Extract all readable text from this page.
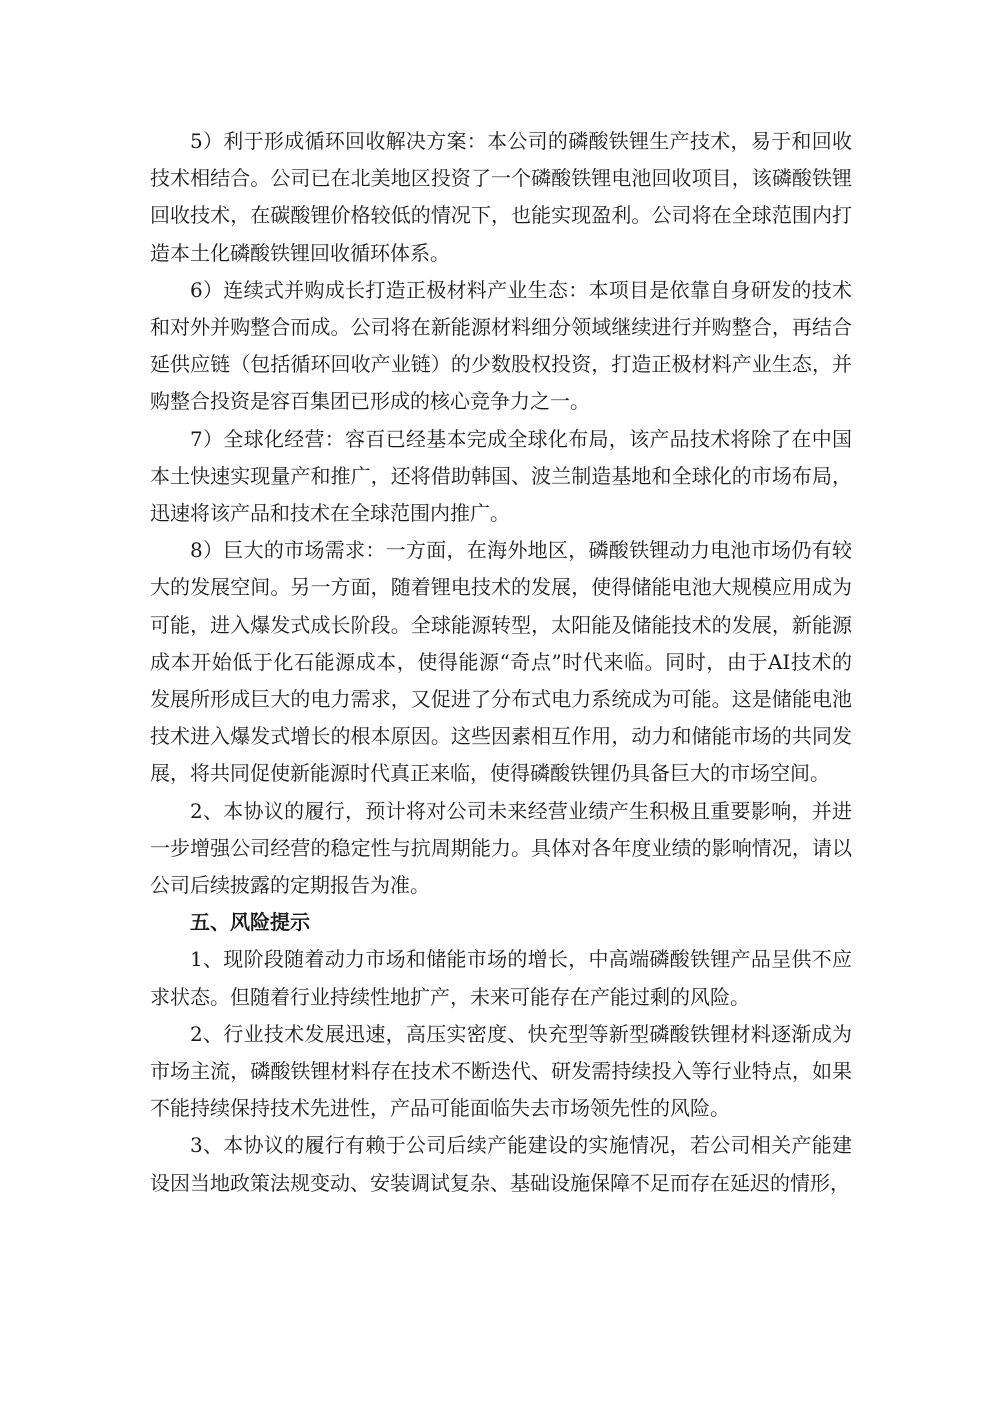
5）利于形成循环回收解决方案：本公司的磷酸铁锂生产技术，易于和回收技术相结合。公司已在北美地区投资了一个磷酸铁锂电池回收项目，该磷酸铁锂回收技术，在碳酸锂价格较低的情况下，也能实现盈利。公司将在全球范围内打造本土化磷酸铁锂回收循环体系。

6）连续式并购成长打造正极材料产业生态：本项目是依靠自身研发的技术和对外并购整合而成。公司将在新能源材料细分领域继续进行并购整合，再结合延供应链（包括循环回收产业链）的少数股权投资，打造正极材料产业生态，并购整合投资是容百集团已形成的核心竞争力之一。

7）全球化经营：容百已经基本完成全球化布局，该产品技术将除了在中国本土快速实现量产和推广，还将借助韩国、波兰制造基地和全球化的市场布局，迅速将该产品和技术在全球范围内推广。

8）巨大的市场需求：一方面，在海外地区，磷酸铁锂动力电池市场仍有较大的发展空间。另一方面，随着锂电技术的发展，使得储能电池大规模应用成为可能，进入爆发式成长阶段。全球能源转型，太阳能及储能技术的发展，新能源成本开始低于化石能源成本，使得能源“奇点”时代来临。同时，由于AI技术的发展所形成巨大的电力需求，又促进了分布式电力系统成为可能。这是储能电池技术进入爆发式增长的根本原因。这些因素相互作用，动力和储能市场的共同发展，将共同促使新能源时代真正来临，使得磷酸铁锂仍具备巨大的市场空间。

2、本协议的履行，预计将对公司未来经营业绩产生积极且重要影响，并进一步增强公司经营的稳定性与抗周期能力。具体对各年度业绩的影响情况，请以公司后续披露的定期报告为准。

五、风险提示

1、现阶段随着动力市场和储能市场的增长，中高端磷酸铁锂产品呈供不应求状态。但随着行业持续性地扩产，未来可能存在产能过剩的风险。

2、行业技术发展迅速，高压实密度、快充型等新型磷酸铁锂材料逐渐成为市场主流，磷酸铁锂材料存在技术不断迭代、研发需持续投入等行业特点，如果不能持续保持技术先进性，产品可能面临失去市场领先性的风险。

3、本协议的履行有赖于公司后续产能建设的实施情况，若公司相关产能建设因当地政策法规变动、安装调试复杂、基础设施保障不足而存在延迟的情形，
